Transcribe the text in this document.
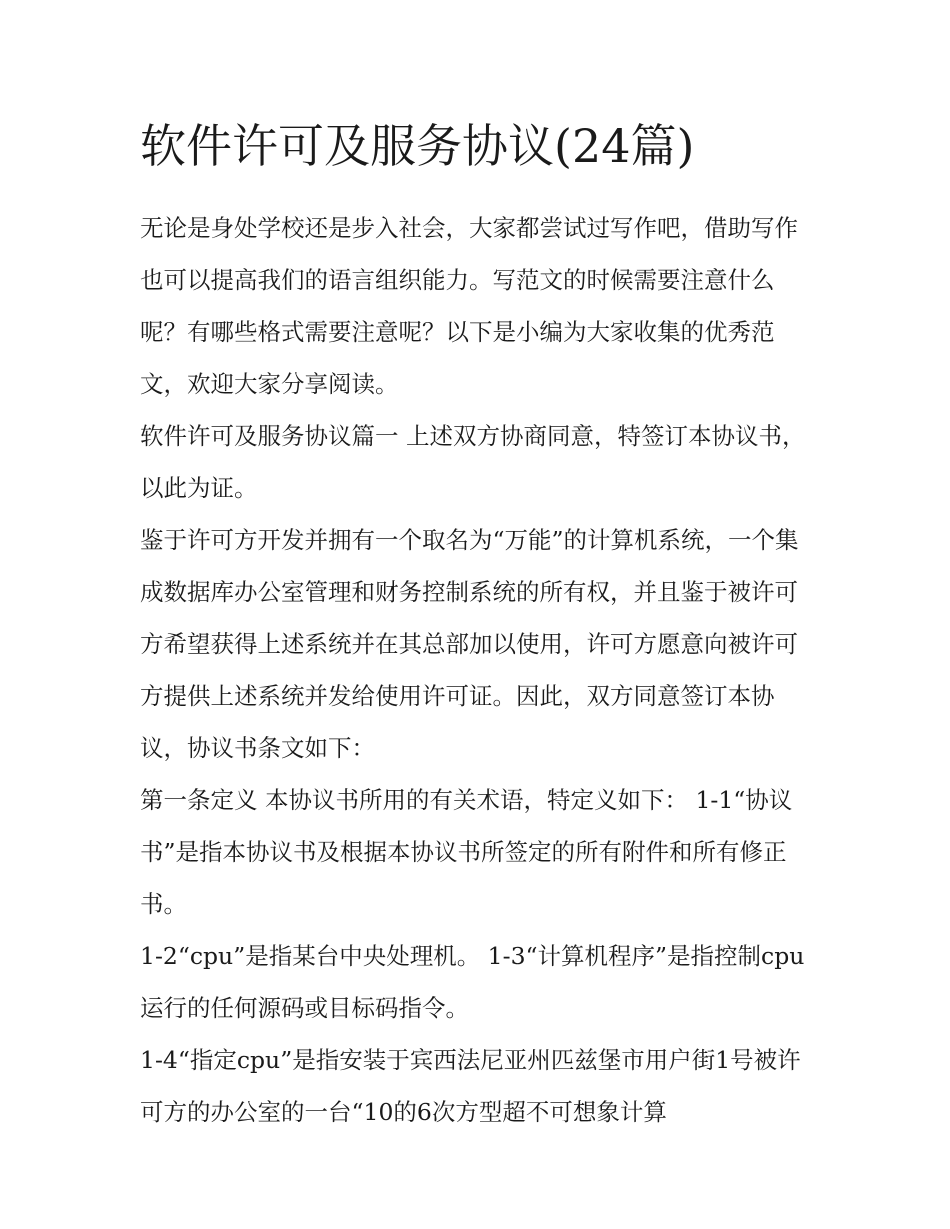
软件许可及服务协议(24篇)

无论是身处学校还是步入社会，大家都尝试过写作吧，借助写作也可以提高我们的语言组织能力。写范文的时候需要注意什么呢？有哪些格式需要注意呢？以下是小编为大家收集的优秀范文，欢迎大家分享阅读。

软件许可及服务协议篇一 上述双方协商同意，特签订本协议书，以此为证。

鉴于许可方开发并拥有一个取名为“万能”的计算机系统，一个集成数据库办公室管理和财务控制系统的所有权，并且鉴于被许可方希望获得上述系统并在其总部加以使用，许可方愿意向被许可方提供上述系统并发给使用许可证。因此，双方同意签订本协议，协议书条文如下：

第一条定义 本协议书所用的有关术语，特定义如下： 1-1“协议书”是指本协议书及根据本协议书所签定的所有附件和所有修正书。

1-2“cpu”是指某台中央处理机。 1-3“计算机程序”是指控制cpu运行的任何源码或目标码指令。

1-4“指定cpu”是指安装于宾西法尼亚州匹兹堡市用户街1号被许可方的办公室的一台“10的6次方型超不可想象计算
